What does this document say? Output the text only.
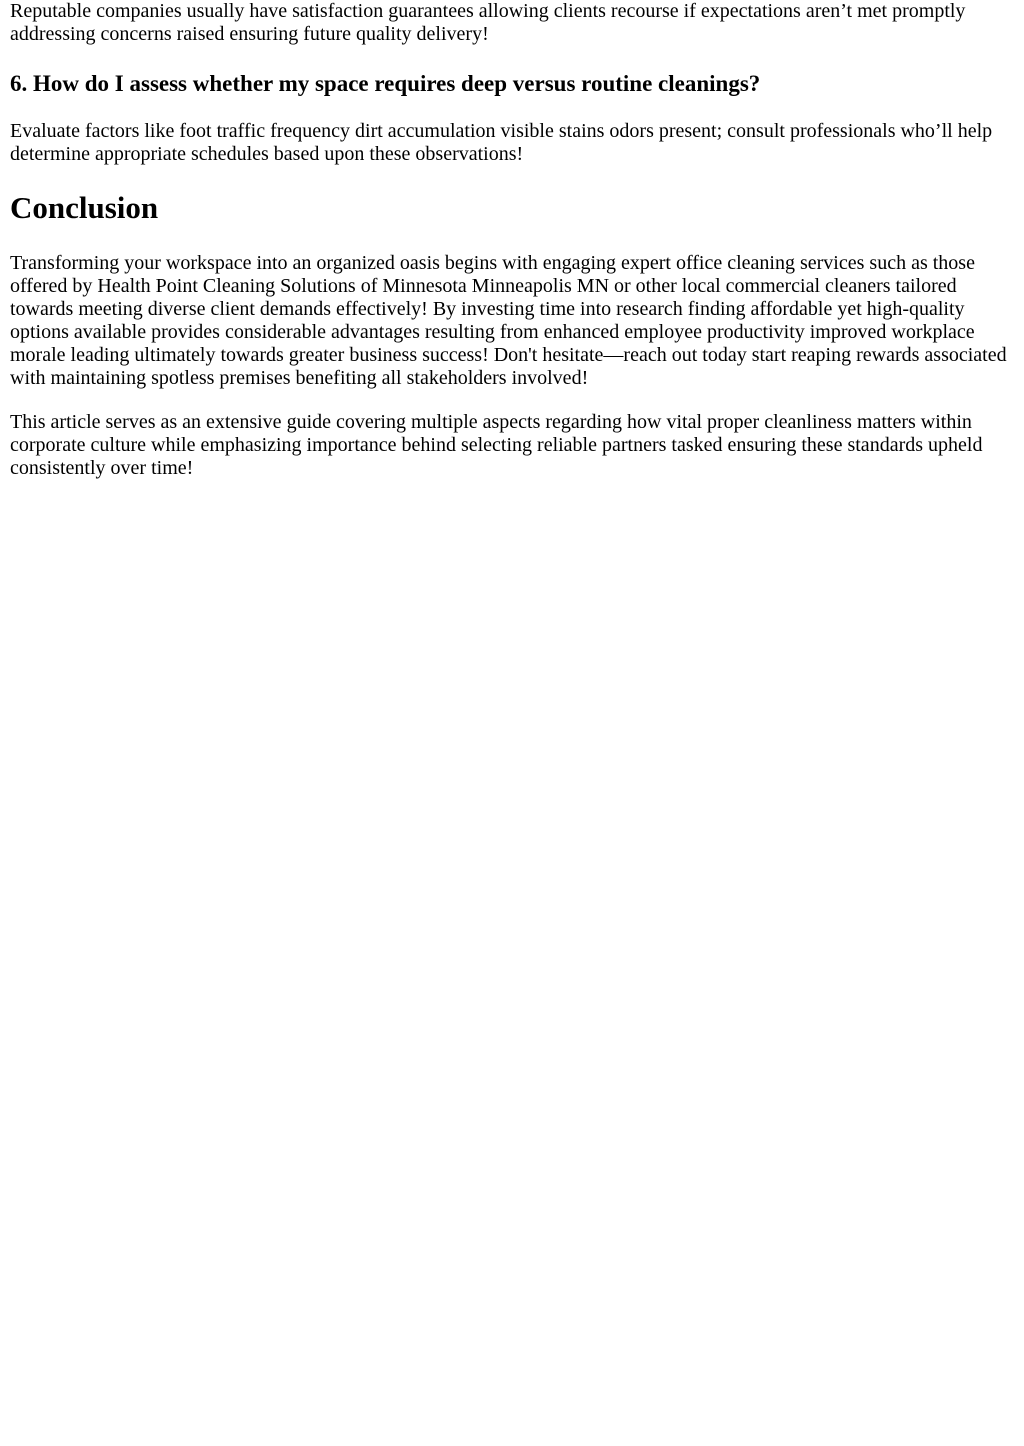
Reputable companies usually have satisfaction guarantees allowing clients recourse if expectations aren’t met promptly addressing concerns raised ensuring future quality delivery!

6. How do I assess whether my space requires deep versus routine cleanings?

Evaluate factors like foot traffic frequency dirt accumulation visible stains odors present; consult professionals who’ll help determine appropriate schedules based upon these observations!

Conclusion

Transforming your workspace into an organized oasis begins with engaging expert office cleaning services such as those offered by Health Point Cleaning Solutions of Minnesota Minneapolis MN or other local commercial cleaners tailored towards meeting diverse client demands effectively! By investing time into research finding affordable yet high-quality options available provides considerable advantages resulting from enhanced employee productivity improved workplace morale leading ultimately towards greater business success! Don't hesitate—reach out today start reaping rewards associated with maintaining spotless premises benefiting all stakeholders involved!

This article serves as an extensive guide covering multiple aspects regarding how vital proper cleanliness matters within corporate culture while emphasizing importance behind selecting reliable partners tasked ensuring these standards upheld consistently over time!
